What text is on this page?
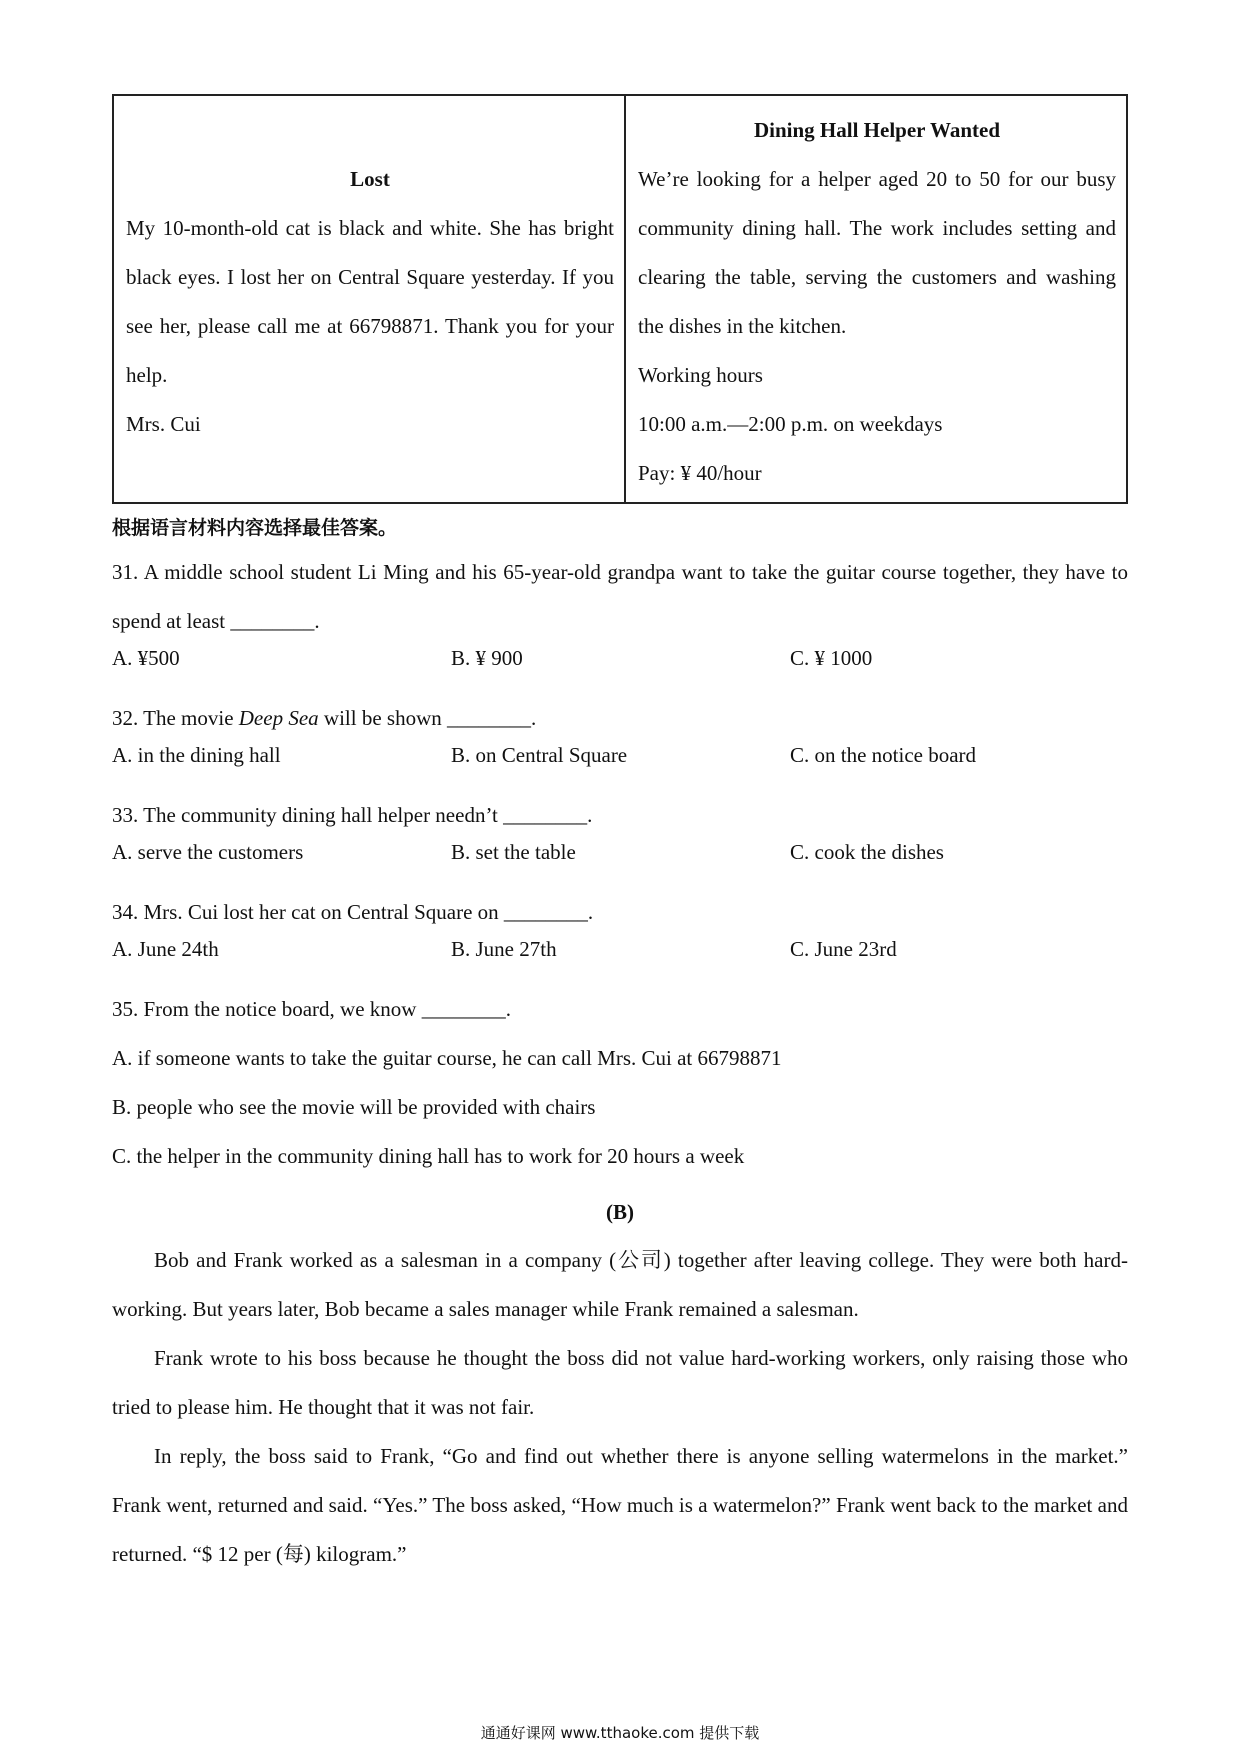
Lost
My 10-month-old cat is black and white. She has bright black eyes. I lost her on Central Square yesterday. If you see her, please call me at 66798871. Thank you for your help.
Mrs. Cui
Dining Hall Helper Wanted
We’re looking for a helper aged 20 to 50 for our busy community dining hall. The work includes setting and clearing the table, serving the customers and washing the dishes in the kitchen.
Working hours
10:00 a.m.—2:00 p.m. on weekdays
Pay: ¥ 40/hour
根据语言材料内容选择最佳答案。
31. A middle school student Li Ming and his 65-year-old grandpa want to take the guitar course together, they have to spend at least ________.
A. ¥500	B. ¥ 900	C. ¥ 1000
32. The movie Deep Sea will be shown ________.
A. in the dining hall	B. on Central Square	C. on the notice board
33. The community dining hall helper needn’t ________.
A. serve the customers	B. set the table	C. cook the dishes
34. Mrs. Cui lost her cat on Central Square on ________.
A. June 24th	B. June 27th	C. June 23rd
35. From the notice board, we know ________.
A. if someone wants to take the guitar course, he can call Mrs. Cui at 66798871
B. people who see the movie will be provided with chairs
C. the helper in the community dining hall has to work for 20 hours a week
(B)
Bob and Frank worked as a salesman in a company (公司) together after leaving college. They were both hard-working. But years later, Bob became a sales manager while Frank remained a salesman.
Frank wrote to his boss because he thought the boss did not value hard-working workers, only raising those who tried to please him. He thought that it was not fair.
In reply, the boss said to Frank, “Go and find out whether there is anyone selling watermelons in the market.” Frank went, returned and said. “Yes.” The boss asked, “How much is a watermelon?” Frank went back to the market and returned. “$ 12 per (每) kilogram.”
通通好课网 www.tthaoke.com 提供下载
